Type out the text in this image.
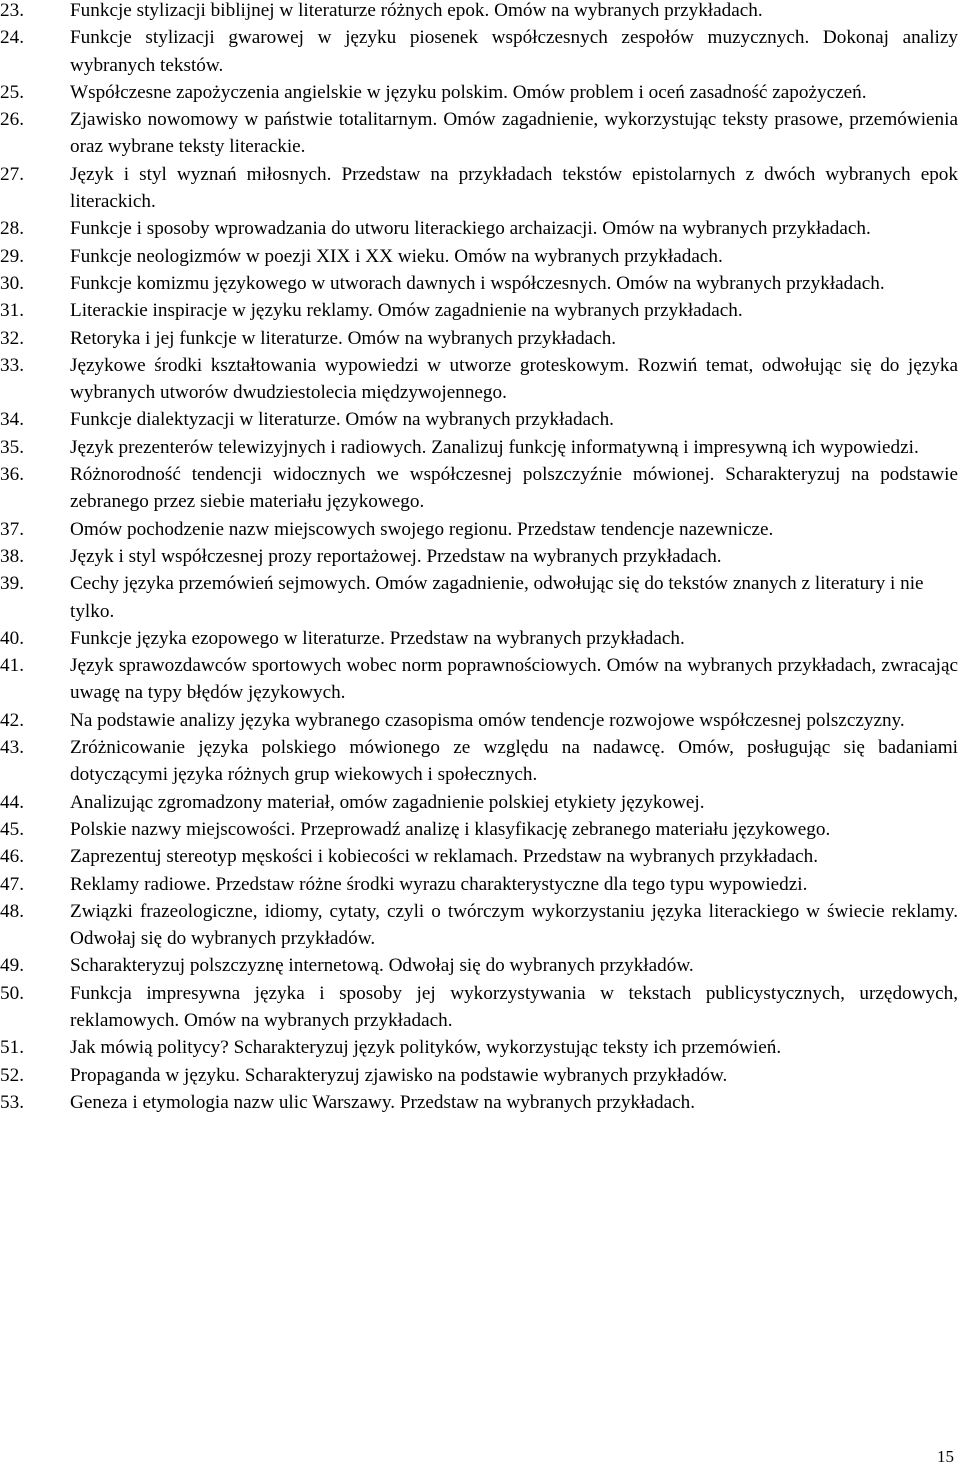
23.	Funkcje stylizacji biblijnej w literaturze różnych epok. Omów na wybranych przykładach.
24.	Funkcje stylizacji gwarowej w języku piosenek współczesnych zespołów muzycznych. Dokonaj analizy wybranych tekstów.
25.	Współczesne zapożyczenia angielskie w języku polskim. Omów problem i oceń zasadność zapożyczeń.
26.	Zjawisko nowomowy w państwie totalitarnym. Omów zagadnienie, wykorzystując teksty prasowe, przemówienia oraz wybrane teksty literackie.
27.	Język i styl wyznań miłosnych. Przedstaw na przykładach tekstów epistolarnych z dwóch wybranych epok literackich.
28.	Funkcje i sposoby wprowadzania do utworu literackiego archaizacji. Omów na wybranych przykładach.
29.	Funkcje neologizmów w poezji XIX i XX wieku. Omów na wybranych przykładach.
30.	Funkcje komizmu językowego w utworach dawnych i współczesnych. Omów na wybranych przykładach.
31.	Literackie inspiracje w języku reklamy. Omów zagadnienie na wybranych przykładach.
32.	Retoryka i jej funkcje w literaturze. Omów na wybranych przykładach.
33.	Językowe środki kształtowania wypowiedzi w utworze groteskowym. Rozwiń temat, odwołując się do języka wybranych utworów dwudziestolecia międzywojennego.
34.	Funkcje dialektyzacji w literaturze. Omów na wybranych przykładach.
35.	Język prezenterów telewizyjnych i radiowych. Zanalizuj funkcję informatywną i impresywną ich wypowiedzi.
36.	Różnorodność tendencji widocznych we współczesnej polszczyźnie mówionej. Scharakteryzuj na podstawie zebranego przez siebie materiału językowego.
37.	Omów pochodzenie nazw miejscowych swojego regionu. Przedstaw tendencje nazewnicze.
38.	Język i styl współczesnej prozy reportażowej. Przedstaw na wybranych przykładach.
39.	Cechy języka przemówień sejmowych. Omów zagadnienie, odwołując się do tekstów znanych z literatury i nie tylko.
40.	Funkcje języka ezopowego w literaturze. Przedstaw na wybranych przykładach.
41.	Język sprawozdawców sportowych wobec norm poprawnościowych. Omów na wybranych przykładach, zwracając uwagę na typy błędów językowych.
42.	Na podstawie analizy języka wybranego czasopisma omów tendencje rozwojowe współczesnej polszczyzny.
43.	Zróżnicowanie języka polskiego mówionego ze względu na nadawcę. Omów, posługując się badaniami dotyczącymi języka różnych grup wiekowych i społecznych.
44.	Analizując zgromadzony materiał, omów zagadnienie polskiej etykiety językowej.
45.	Polskie nazwy miejscowości. Przeprowadź analizę i klasyfikację zebranego materiału językowego.
46.	Zaprezentuj stereotyp męskości i kobiecości w reklamach. Przedstaw na wybranych przykładach.
47.	Reklamy radiowe. Przedstaw różne środki wyrazu charakterystyczne dla tego typu wypowiedzi.
48.	Związki frazeologiczne, idiomy, cytaty, czyli o twórczym wykorzystaniu języka literackiego w świecie reklamy. Odwołaj się do wybranych przykładów.
49.	Scharakteryzuj polszczyznę internetową. Odwołaj się do wybranych przykładów.
50.	Funkcja impresywna języka i sposoby jej wykorzystywania w tekstach publicystycznych, urzędowych, reklamowych. Omów na wybranych przykładach.
51.	Jak mówią politycy? Scharakteryzuj język polityków, wykorzystując teksty ich przemówień.
52.	Propaganda w języku. Scharakteryzuj zjawisko na podstawie wybranych przykładów.
53.	Geneza i etymologia nazw ulic Warszawy. Przedstaw na wybranych przykładach.
15
